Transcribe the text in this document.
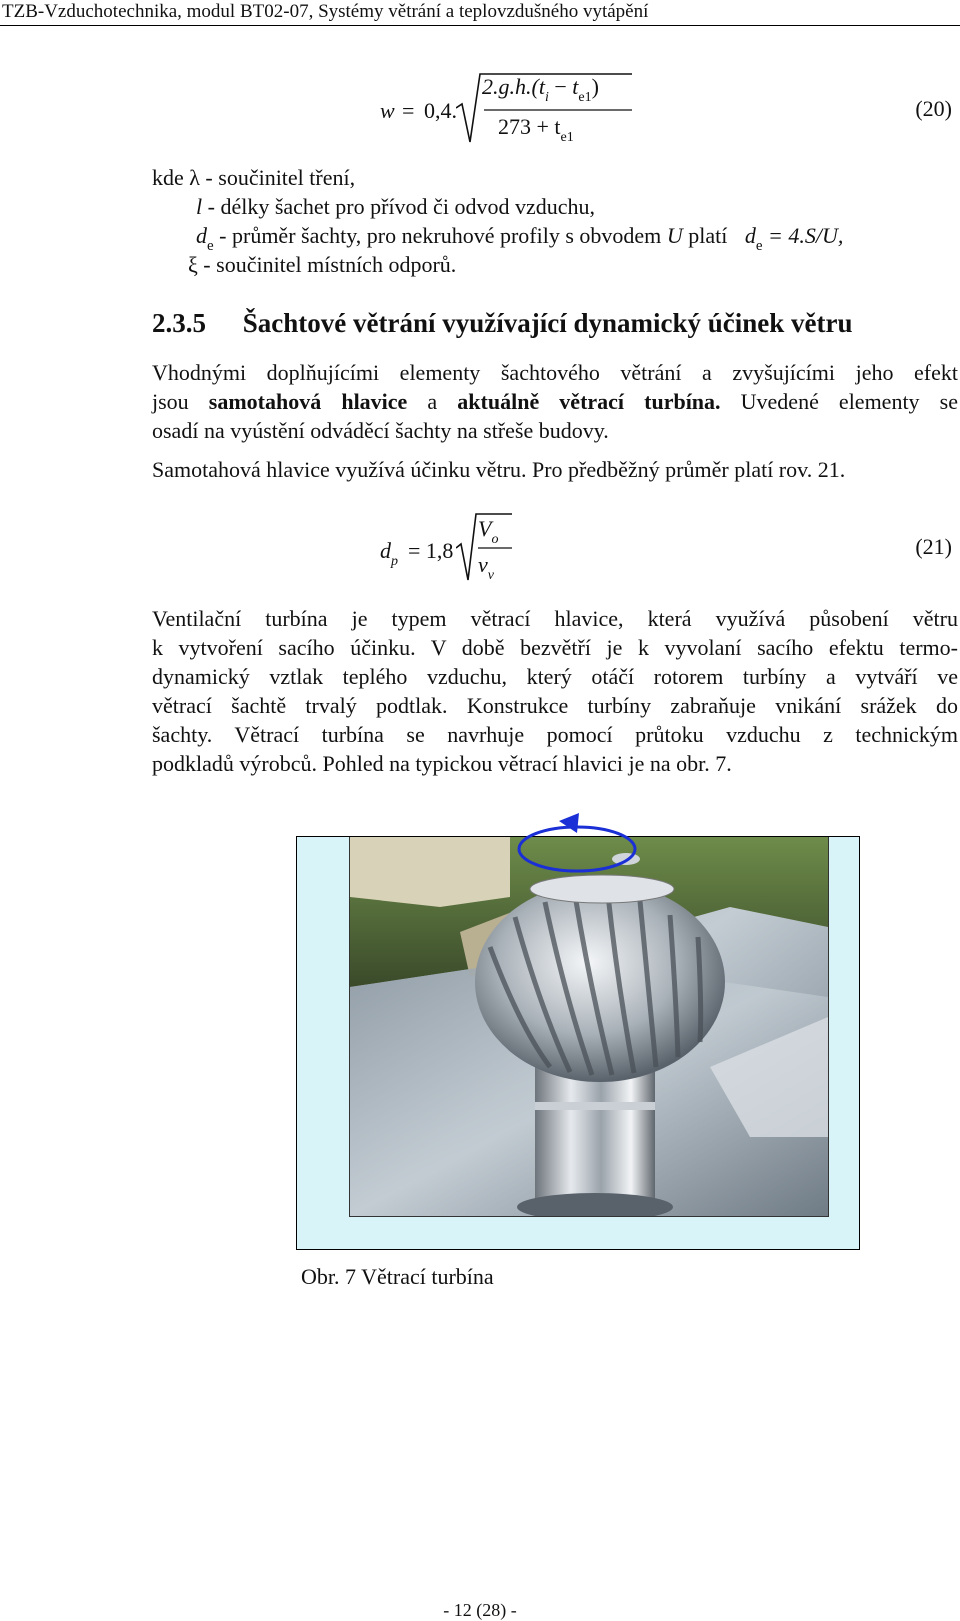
TZB-Vzduchotechnika, modul BT02-07, Systémy větrání a teplovzdušného vytápění
w = 0,4.
$2.g.h.(t_i - t_{e1})$
$273 + t_{e1}$
(20)
kde λ - součinitel tření,
l - délky šachet pro přívod či odvod vzduchu,
$d_e$ - průměr šachty, pro nekruhové profily s obvodem U platí $d_e = 4.S/U$,
ξ - součinitel místních odporů.
2.3.5 Šachtové větrání využívající dynamický účinek větru
Vhodnými doplňujícími elementy šachtového větrání a zvyšujícími jeho efekt
jsou samotahová hlavice a aktuálně větrací turbína. Uvedené elementy se
osadí na vyústění odváděcí šachty na střeše budovy.
Samotahová hlavice využívá účinku větru. Pro předběžný průměr platí rov. 21.
$d_p = 1,8$
$V_o$
$v_v$
(21)
Ventilační turbína je typem větrací hlavice, která využívá působení větru
k vytvoření sacího účinku. V době bezvětří je k vyvolaní sacího efektu termo-
dynamický vztlak teplého vzduchu, který otáčí rotorem turbíny a vytváří ve
větrací šachtě trvalý podtlak. Konstrukce turbíny zabraňuje vnikání srážek do
šachty. Větrací turbína se navrhuje pomocí průtoku vzduchu z technickým
podkladů výrobců. Pohled na typickou větrací hlavici je na obr. 7.
Obr. 7 Větrací turbína
- 12 (28) -
